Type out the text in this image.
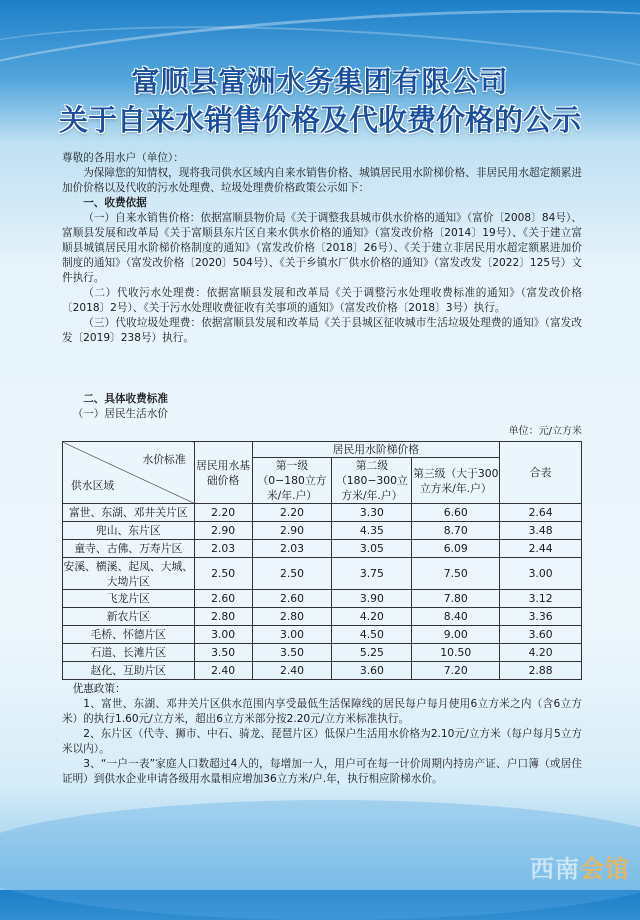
富顺县富洲水务集团有限公司
关于自来水销售价格及代收费价格的公示

尊敬的各用水户（单位）：

为保障您的知情权，现将我司供水区域内自来水销售价格、城镇居民用水阶梯价格、非居民用水超定额累进加价价格以及代收的污水处理费、垃圾处理费价格政策公示如下：

一、收费依据

（一）自来水销售价格：依据富顺县物价局《关于调整我县城市供水价格的通知》（富价〔2008〕84号）、富顺县发展和改革局《关于富顺县东片区自来水供水价格的通知》（富发改价格〔2014〕19号）、《关于建立富顺县城镇居民用水阶梯价格制度的通知》（富发改价格〔2018〕26号）、《关于建立非居民用水超定额累进加价制度的通知》（富发改价格〔2020〕504号）、《关于乡镇水厂供水价格的通知》（富发改发〔2022〕125号）文件执行。

（二）代收污水处理费：依据富顺县发展和改革局《关于调整污水处理收费标准的通知》（富发改价格〔2018〕2号）、《关于污水处理收费征收有关事项的通知》（富发改价格〔2018〕3号）执行。

（三）代收垃圾处理费：依据富顺县发展和改革局《关于县城区征收城市生活垃圾处理费的通知》（富发改发〔2019〕238号）执行。

二、具体收费标准

（一）居民生活水价

单位：元/立方米
水价标准
供水区域	居民用水基础价格	居民用水阶梯价格			合表
		第一级（0−180立方米/年.户）	第二级（180−300立方米/年.户）	第三级（大于300立方米/年.户）	
富世、东湖、邓井关片区	2.20	2.20	3.30	6.60	2.64
兜山、东片区	2.90	2.90	4.35	8.70	3.48
童寺、古佛、万寿片区	2.03	2.03	3.05	6.09	2.44
安溪、横溪、起凤、大城、大坳片区	2.50	2.50	3.75	7.50	3.00
飞龙片区	2.60	2.60	3.90	7.80	3.12
新农片区	2.80	2.80	4.20	8.40	3.36
毛桥、怀德片区	3.00	3.00	4.50	9.00	3.60
石道、长滩片区	3.50	3.50	5.25	10.50	4.20
赵化、互助片区	2.40	2.40	3.60	7.20	2.88

优惠政策：

1、富世、东湖、邓井关片区供水范围内享受最低生活保障线的居民每户每月使用6立方米之内（含6立方米）的执行1.60元/立方米，超出6立方米部分按2.20元/立方米标准执行。

2、东片区（代寺、狮市、中石、骑龙、琵琶片区）低保户生活用水价格为2.10元/立方米（每户每月5立方米以内）。

3、“一户一表”家庭人口数超过4人的，每增加一人，用户可在每一计价周期内持房产证、户口簿（或居住证明）到供水企业申请各级用水量相应增加36立方米/户.年，执行相应阶梯水价。

西南会馆
